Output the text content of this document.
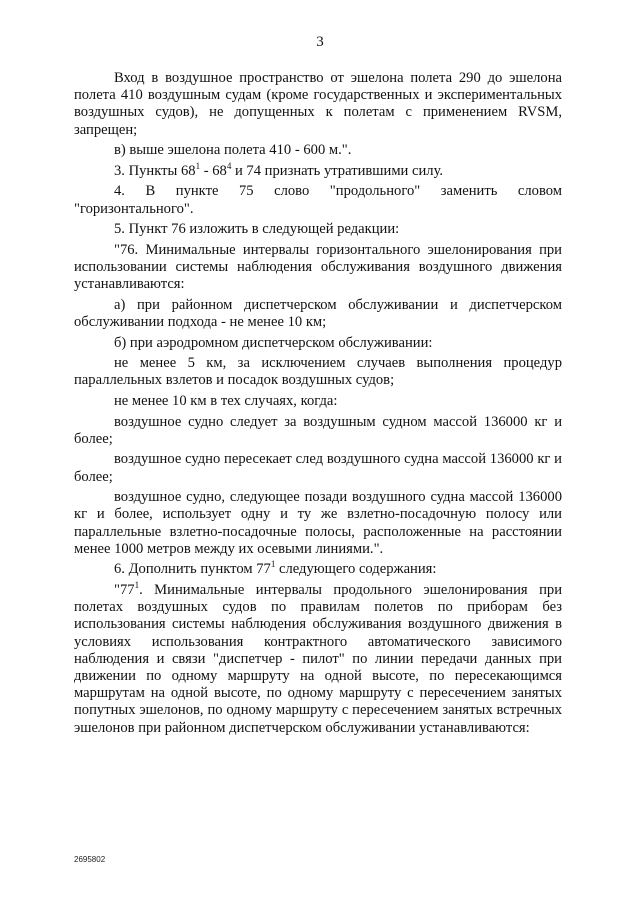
3

Вход в воздушное пространство от эшелона полета 290 до эшелона полета 410 воздушным судам (кроме государственных и экспериментальных воздушных судов), не допущенных к полетам с применением RVSM, запрещен;

в) выше эшелона полета 410 - 600 м.".

3. Пункты $68^1 - 68^4$ и 74 признать утратившими силу.

4. В пункте 75 слово "продольного" заменить словом "горизонтального".

5. Пункт 76 изложить в следующей редакции:

"76. Минимальные интервалы горизонтального эшелонирования при использовании системы наблюдения обслуживания воздушного движения устанавливаются:

а) при районном диспетчерском обслуживании и диспетчерском обслуживании подхода - не менее 10 км;

б) при аэродромном диспетчерском обслуживании:

не менее 5 км, за исключением случаев выполнения процедур параллельных взлетов и посадок воздушных судов;

не менее 10 км в тех случаях, когда:

воздушное судно следует за воздушным судном массой 136000 кг и более;

воздушное судно пересекает след воздушного судна массой 136000 кг и более;

воздушное судно, следующее позади воздушного судна массой 136000 кг и более, использует одну и ту же взлетно-посадочную полосу или параллельные взлетно-посадочные полосы, расположенные на расстоянии менее 1000 метров между их осевыми линиями.".

6. Дополнить пунктом $77^1$ следующего содержания:

"$77^1$. Минимальные интервалы продольного эшелонирования при полетах воздушных судов по правилам полетов по приборам без использования системы наблюдения обслуживания воздушного движения в условиях использования контрактного автоматического зависимого наблюдения и связи "диспетчер - пилот" по линии передачи данных при движении по одному маршруту на одной высоте, по пересекающимся маршрутам на одной высоте, по одному маршруту с пересечением занятых попутных эшелонов, по одному маршруту с пересечением занятых встречных эшелонов при районном диспетчерском обслуживании устанавливаются:

2695802
